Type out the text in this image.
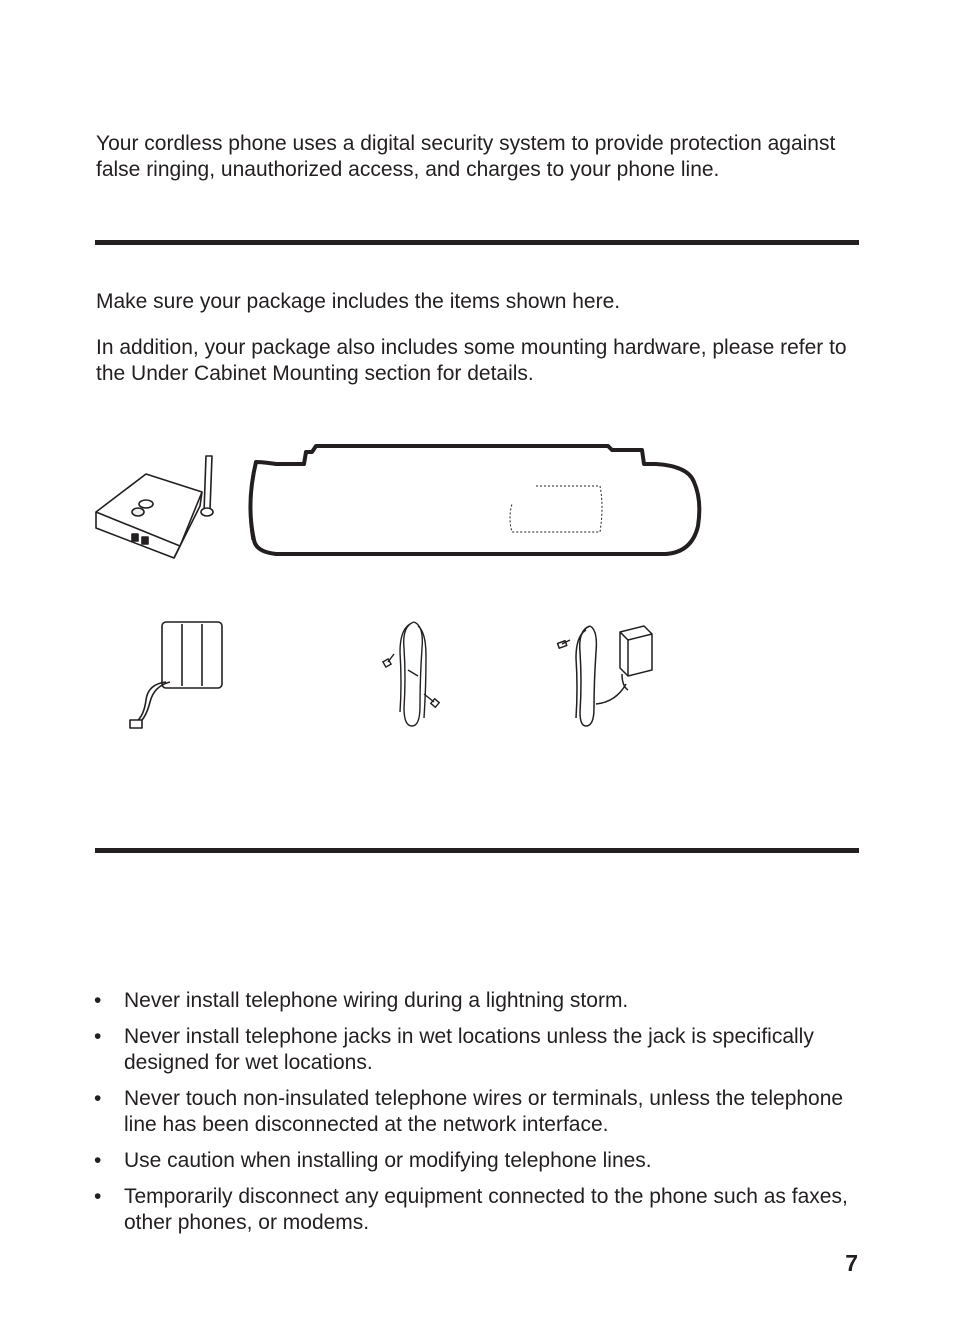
Your cordless phone uses a digital security system to provide protection against false ringing, unauthorized access, and charges to your phone line.

Make sure your package includes the items shown here.

In addition, your package also includes some mounting hardware, please refer to the Under Cabinet Mounting section for details.

• Never install telephone wiring during a lightning storm.
• Never install telephone jacks in wet locations unless the jack is specifically designed for wet locations.
• Never touch non-insulated telephone wires or terminals, unless the telephone line has been disconnected at the network interface.
• Use caution when installing or modifying telephone lines.
• Temporarily disconnect any equipment connected to the phone such as faxes, other phones, or modems.
7
